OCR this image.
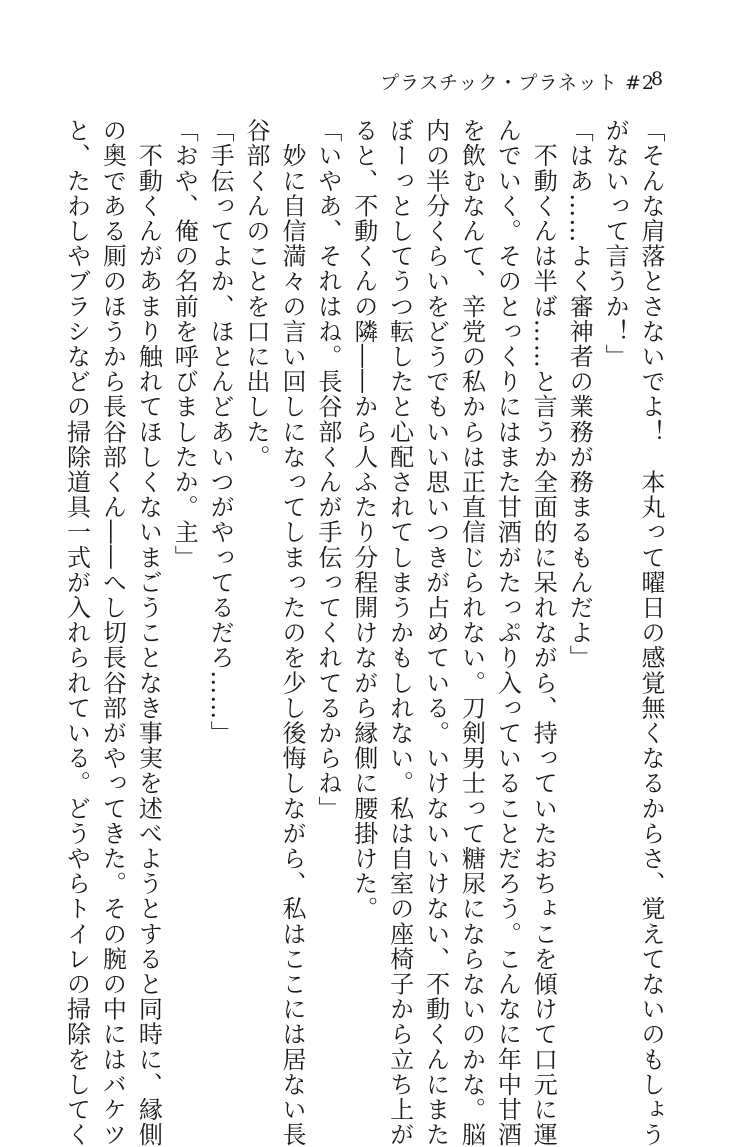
プラスチック・プラネット #2
8
「そんな肩落とさないでよ！　本丸って曜日の感覚無くなるからさ、覚えてないのもしょう
がないって言うか！」
「はあ……よく審神者の業務が務まるもんだよ」
　不動くんは半ば……と言うか全面的に呆れながら、持っていたおちょこを傾けて口元に運
んでいく。そのとっくりにはまた甘酒がたっぷり入っていることだろう。こんなに年中甘酒
を飲むなんて、辛党の私からは正直信じられない。刀剣男士って糖尿にならないのかな。脳
内の半分くらいをどうでもいい思いつきが占めている。いけないいけない、不動くんにまた
ぼーっとしてうつ転したと心配されてしまうかもしれない。私は自室の座椅子から立ち上が
ると、不動くんの隣――から人ふたり分程開けながら縁側に腰掛けた。
「いやあ、それはね。長谷部くんが手伝ってくれてるからね」
　妙に自信満々の言い回しになってしまったのを少し後悔しながら、私はここには居ない長
谷部くんのことを口に出した。
「手伝ってよか、ほとんどあいつがやってるだろ……」
「おや、俺の名前を呼びましたか。主」
　不動くんがあまり触れてほしくないまごうことなき事実を述べようとすると同時に、縁側
の奥である厠のほうから長谷部くん――へし切長谷部がやってきた。その腕の中にはバケツ
と、たわしやブラシなどの掃除道具一式が入れられている。どうやらトイレの掃除をしてく
